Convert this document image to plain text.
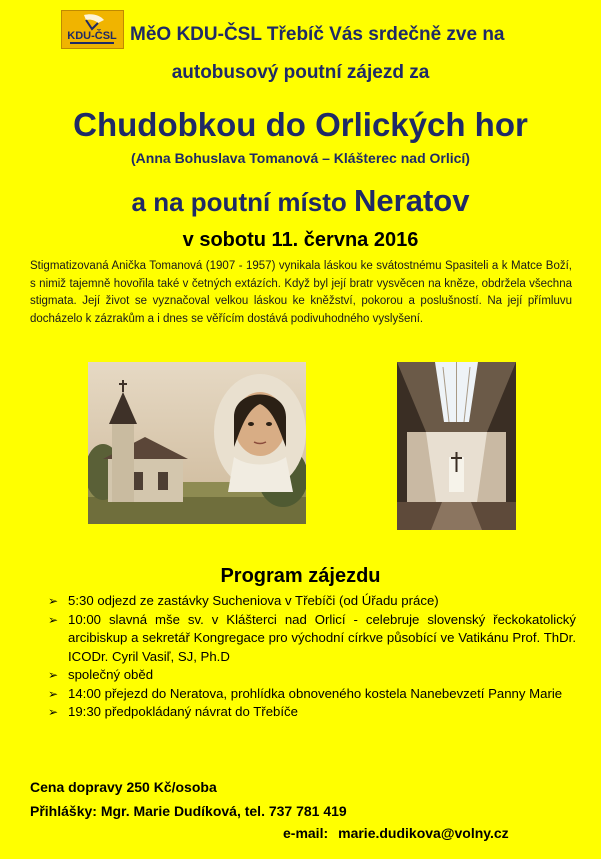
KDU-ČSL MěO KDU-ČSL Třebíč Vás srdečně zve na
autobusový poutní zájezd za
Chudobkou do Orlických hor
(Anna Bohuslava Tomanová – Klášterec nad Orlicí)
a na poutní místo Neratov
v sobotu 11. června 2016
Stigmatizovaná Anička Tomanová (1907 - 1957) vynikala láskou ke svátostnému Spasiteli a k Matce Boží, s nimiž tajemně hovořila také v četných extázích. Když byl její bratr vysvěcen na kněze, obdržela všechna stigmata. Její život se vyznačoval velkou láskou ke kněžství, pokorou a poslušností. Na její přímluvu docházelo k zázrakům a i dnes se věřícím dostává podivuhodného vyslyšení.
Program zájezdu
➢ 5:30 odjezd ze zastávky Sucheniova v Třebíči (od Úřadu práce)
➢ 10:00 slavná mše sv. v Klášterci nad Orlicí - celebruje slovenský řeckokatolický arcibiskup a sekretář Kongregace pro východní církve působící ve Vatikánu Prof. ThDr. ICODr. Cyril Vasiľ, SJ, Ph.D
➢ společný oběd
➢ 14:00 přejezd do Neratova, prohlídka obnoveného kostela Nanebevzetí Panny Marie
➢ 19:30 předpokládaný návrat do Třebíče
Cena dopravy 250 Kč/osoba
Přihlášky: Mgr. Marie Dudíková, tel. 737 781 419
e-mail: marie.dudikova@volny.cz
